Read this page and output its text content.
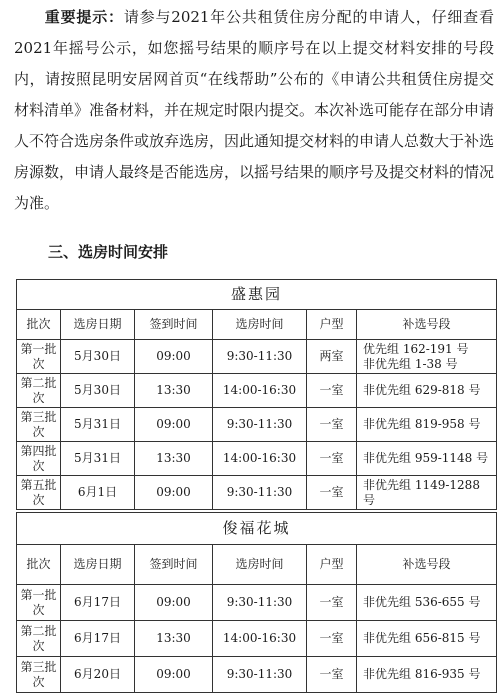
重要提示：请参与2021年公共租赁住房分配的申请人，仔细查看2021年摇号公示，如您摇号结果的顺序号在以上提交材料安排的号段内，请按照昆明安居网首页“在线帮助”公布的《申请公共租赁住房提交材料清单》准备材料，并在规定时限内提交。本次补选可能存在部分申请人不符合选房条件或放弃选房，因此通知提交材料的申请人总数大于补选房源数，申请人最终是否能选房，以摇号结果的顺序号及提交材料的情况为准。

三、选房时间安排
盛惠园					
批次	选房日期	签到时间	选房时间	户型	补选号段
第一批次	5月30日	09:00	9:30-11:30	两室	优先组 162-191 号
非优先组 1-38 号
第二批次	5月30日	13:30	14:00-16:30	一室	非优先组 629-818 号
第三批次	5月31日	09:00	9:30-11:30	一室	非优先组 819-958 号
第四批次	5月31日	13:30	14:00-16:30	一室	非优先组 959-1148 号
第五批次	6月1日	09:00	9:30-11:30	一室	非优先组 1149-1288 号
俊福花城					
批次	选房日期	签到时间	选房时间	户型	补选号段
第一批次	6月17日	09:00	9:30-11:30	一室	非优先组 536-655 号
第二批次	6月17日	13:30	14:00-16:30	一室	非优先组 656-815 号
第三批次	6月20日	09:00	9:30-11:30	一室	非优先组 816-935 号
